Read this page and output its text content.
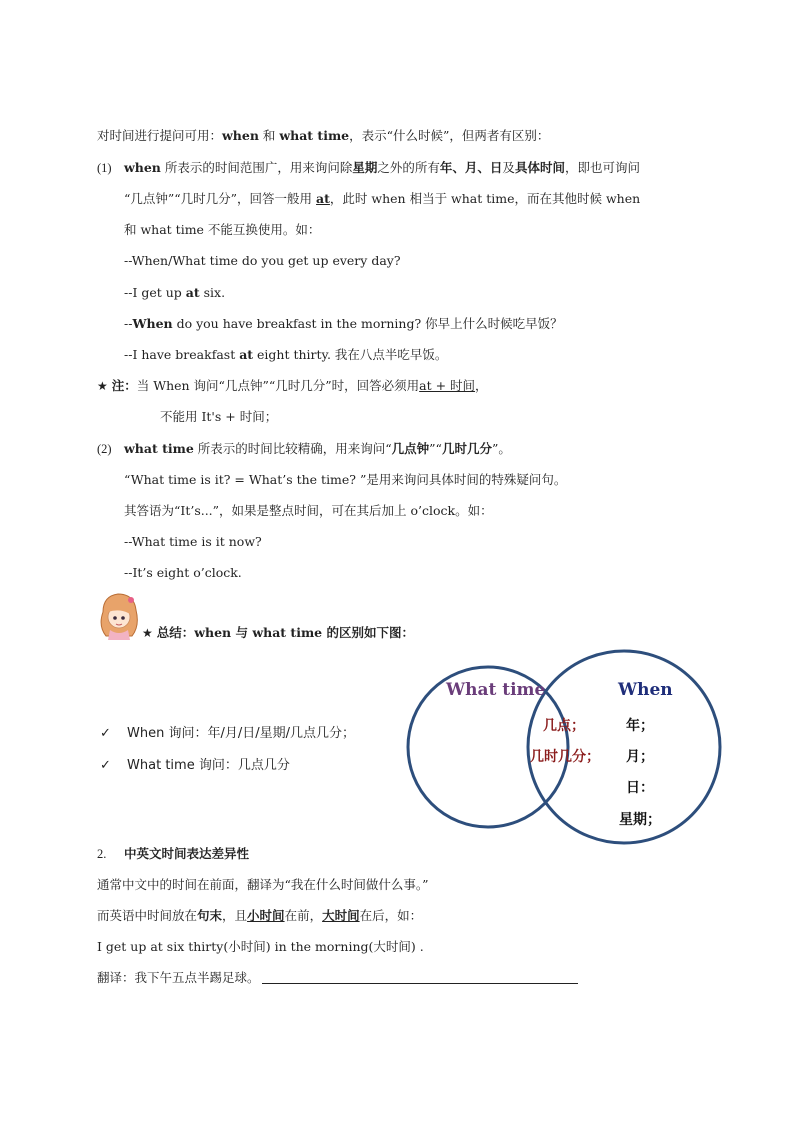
对时间进行提问可用：when 和 what time，表示“什么时候”，但两者有区别：
(1) when 所表示的时间范围广，用来询问除星期之外的所有年、月、日及具体时间，即也可询问
“几点钟”“几时几分”，回答一般用 at，此时 when 相当于 what time，而在其他时候 when
和 what time 不能互换使用。如：
--When/What time do you get up every day?
--I get up at six.
--When do you have breakfast in the morning? 你早上什么时候吃早饭？
--I have breakfast at eight thirty. 我在八点半吃早饭。
★ 注：当 When 询问“几点钟”“几时几分”时，回答必须用at + 时间，
不能用 It's + 时间；
(2) what time 所表示的时间比较精确，用来询问“几点钟”“几时几分”。
“What time is it? = What’s the time? ”是用来询问具体时间的特殊疑问句。
其答语为“It’s...”，如果是整点时间，可在其后加上 o’clock。如：
--What time is it now?
--It’s eight o’clock.
★ 总结：when 与 what time 的区别如下图：
✓ When 询问：年/月/日/星期/几点几分；
✓ What time 询问：几点几分
What time	When
几点；
几时几分；
年；
月；
日：
星期；
2. 中英文时间表达差异性
通常中文中的时间在前面，翻译为“我在什么时间做什么事。”
而英语中时间放在句末，且小时间在前，大时间在后，如：
I get up at six thirty(小时间) in the morning(大时间) .
翻译：我下午五点半踢足球。
